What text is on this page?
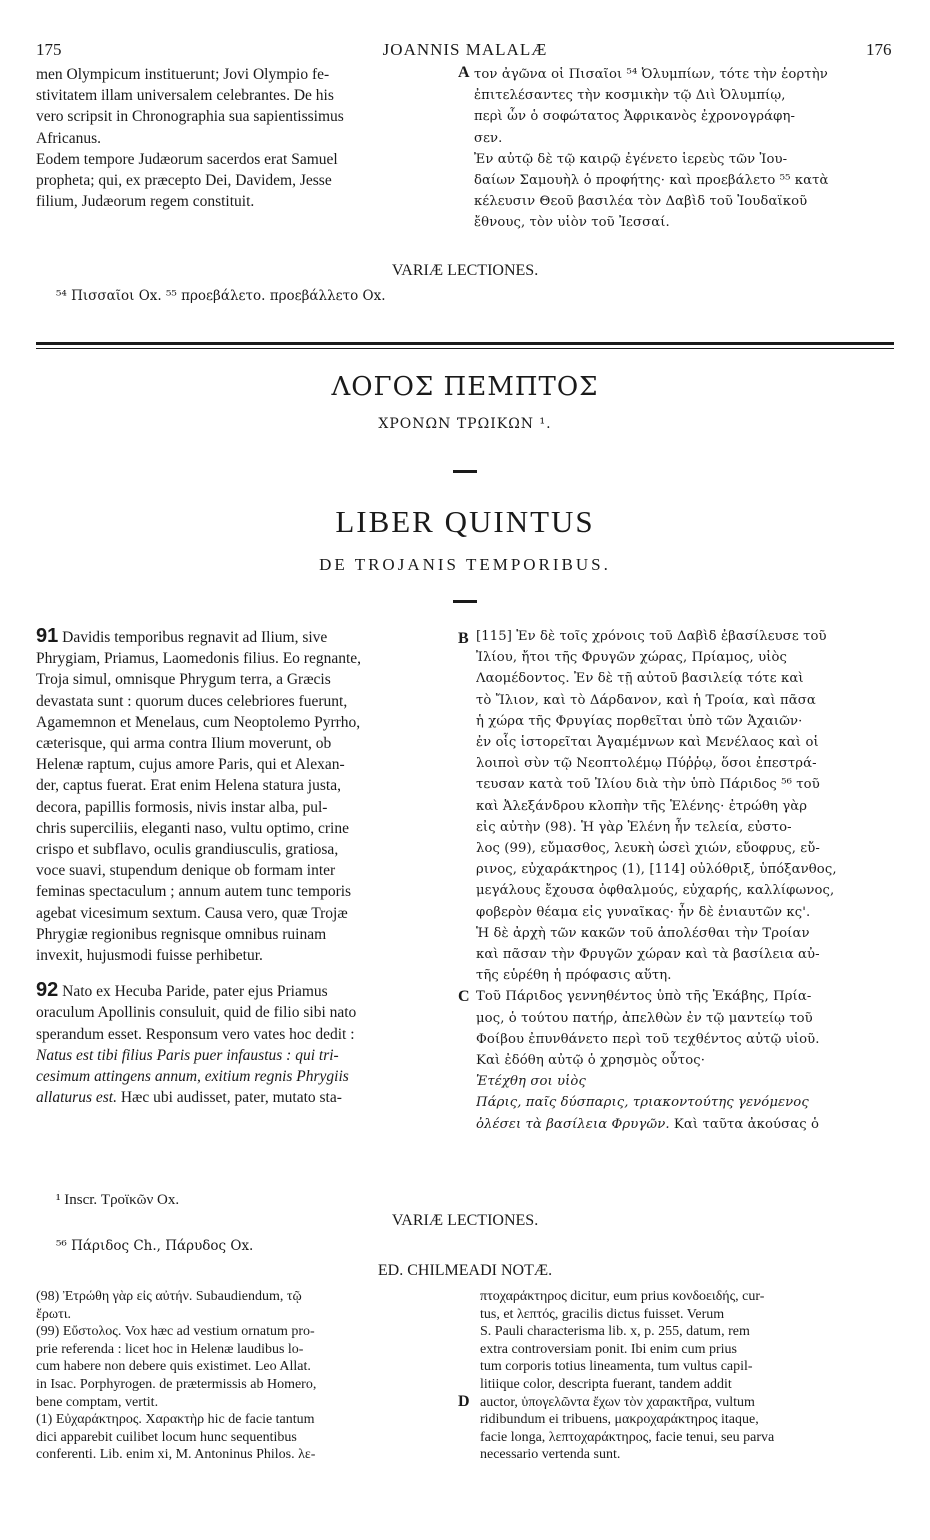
175	JOANNIS MALALÆ	176
men Olympicum instituerunt; Jovi Olympio fe-
stivitatem illam universalem celebrantes. De his
vero scripsit in Chronographia sua sapientissimus
Africanus.
Eodem tempore Judæorum sacerdos erat Samuel
propheta; qui, ex præcepto Dei, Davidem, Jesse
filium, Judæorum regem constituit.
A τον ἀγῶνα οἱ Πισαῖοι ⁵⁴ Ὀλυμπίων, τότε τὴν ἑορτὴν
ἐπιτελέσαντες τὴν κοσμικὴν τῷ Διὶ Ὀλυμπίῳ,
περὶ ὧν ὁ σοφώτατος Ἀφρικανὸς ἐχρονογράφη-
σεν.
Ἐν αὐτῷ δὲ τῷ καιρῷ ἐγένετο ἱερεὺς τῶν Ἰου-
δαίων Σαμουὴλ ὁ προφήτης· καὶ προεβάλετο ⁵⁵ κατὰ
κέλευσιν Θεοῦ βασιλέα τὸν Δαβὶδ τοῦ Ἰουδαϊκοῦ
ἔθνους, τὸν υἱὸν τοῦ Ἰεσσαί.
VARIÆ LECTIONES.
⁵⁴ Πισσαῖοι Ox. ⁵⁵ προεβάλετο. προεβάλλετο Ox.
ΛΟΓΟΣ ΠΕΜΠΤΟΣ
ΧΡΟΝΩΝ ΤΡΩΙΚΩΝ ¹.
LIBER QUINTUS
DE TROJANIS TEMPORIBUS.
91 Davidis temporibus regnavit ad Ilium, sive
Phrygiam, Priamus, Laomedonis filius. Eo regnante,
Troja simul, omnisque Phrygum terra, a Græcis
devastata sunt : quorum duces celebriores fuerunt,
Agamemnon et Menelaus, cum Neoptolemo Pyrrho,
cæterisque, qui arma contra Ilium moverunt, ob
Helenæ raptum, cujus amore Paris, qui et Alexan-
der, captus fuerat. Erat enim Helena statura justa,
decora, papillis formosis, nivis instar alba, pul-
chris superciliis, eleganti naso, vultu optimo, crine
crispo et subflavo, oculis grandiusculis, gratiosa,
voce suavi, stupendum denique ob formam inter
feminas spectaculum ; annum autem tunc temporis
agebat vicesimum sextum. Causa vero, quæ Trojæ
Phrygiæ regionibus regnisque omnibus ruinam
invexit, hujusmodi fuisse perhibetur.
92 Nato ex Hecuba Paride, pater ejus Priamus
oraculum Apollinis consuluit, quid de filio sibi nato
sperandum esset. Responsum vero vates hoc dedit :
Natus est tibi filius Paris puer infaustus : qui tri-
cesimum attingens annum, exitium regnis Phrygiis
allaturus est. Hæc ubi audisset, pater, mutato sta-
B
C
[115] Ἐν δὲ τοῖς χρόνοις τοῦ Δαβὶδ ἐβασίλευσε τοῦ
Ἰλίου, ἤτοι τῆς Φρυγῶν χώρας, Πρίαμος, υἱὸς
Λαομέδοντος. Ἐν δὲ τῇ αὐτοῦ βασιλείᾳ τότε καὶ
τὸ Ἴλιον, καὶ τὸ Δάρδανον, καὶ ἡ Τροία, καὶ πᾶσα
ἡ χώρα τῆς Φρυγίας πορθεῖται ὑπὸ τῶν Ἀχαιῶν·
ἐν οἷς ἱστορεῖται Ἀγαμέμνων καὶ Μενέλαος καὶ οἱ
λοιποὶ σὺν τῷ Νεοπτολέμῳ Πύῤῥῳ, ὅσοι ἐπεστρά-
τευσαν κατὰ τοῦ Ἰλίου διὰ τὴν ὑπὸ Πάριδος ⁵⁶ τοῦ
καὶ Ἀλεξάνδρου κλοπὴν τῆς Ἑλένης· ἐτρώθη γὰρ
εἰς αὐτὴν (98). Ἡ γὰρ Ἑλένη ἦν τελεία, εὐστο-
λος (99), εὔμασθος, λευκὴ ὡσεὶ χιών, εὔοφρυς, εὔ-
ρινος, εὐχαράκτηρος (1), [114] οὐλόθριξ, ὑπόξανθος,
μεγάλους ἔχουσα ὀφθαλμούς, εὐχαρής, καλλίφωνος,
φοβερὸν θέαμα εἰς γυναῖκας· ἦν δὲ ἐνιαυτῶν κς'.
Ἡ δὲ ἀρχὴ τῶν κακῶν τοῦ ἀπολέσθαι τὴν Τροίαν
καὶ πᾶσαν τὴν Φρυγῶν χώραν καὶ τὰ βασίλεια αὐ-
τῆς εὑρέθη ἡ πρόφασις αὕτη.
Τοῦ Πάριδος γεννηθέντος ὑπὸ τῆς Ἑκάβης, Πρία-
μος, ὁ τούτου πατήρ, ἀπελθὼν ἐν τῷ μαντείῳ τοῦ
Φοίβου ἐπυνθάνετο περὶ τοῦ τεχθέντος αὐτῷ υἱοῦ.
Καὶ ἐδόθη αὐτῷ ὁ χρησμὸς οὗτος·
Ἐτέχθη σοι υἱὸς
Πάρις, παῖς δύσπαρις, τριακοντούτης γενόμενος
ὀλέσει τὰ βασίλεια Φρυγῶν. Καὶ ταῦτα ἀκούσας ὁ
¹ Inscr. Τροϊκῶν Ox.
VARIÆ LECTIONES.
⁵⁶ Πάριδος Ch., Πάρυδος Ox.
ED. CHILMEADI NOTÆ.
(98) Ἐτρώθη γὰρ εἰς αὐτήν. Subaudiendum, τῷ
ἔρωτι.
(99) Εὔστολος. Vox hæc ad vestium ornatum pro-
prie referenda : licet hoc in Helenæ laudibus lo-
cum habere non debere quis existimet. Leo Allat.
in Isac. Porphyrogen. de prætermissis ab Homero,
bene comptam, vertit.
(1) Εὐχαράκτηρος. Χαρακτὴρ hic de facie tantum
dici apparebit cuilibet locum hunc sequentibus
conferenti. Lib. enim xi, M. Antoninus Philos. λε-
D
πτοχαράκτηρος dicitur, eum prius κονδοειδής, cur-
tus, et λεπτός, gracilis dictus fuisset. Verum
S. Pauli characterisma lib. x, p. 255, datum, rem
extra controversiam ponit. Ibi enim cum prius
tum corporis totius lineamenta, tum vultus capil-
litiique color, descripta fuerant, tandem addit
auctor, ὑπογελῶντα ἔχων τὸν χαρακτῆρα, vultum
ridibundum ei tribuens, μακροχαράκτηρος itaque,
facie longa, λεπτοχαράκτηρος, facie tenui, seu parva
necessario vertenda sunt.
